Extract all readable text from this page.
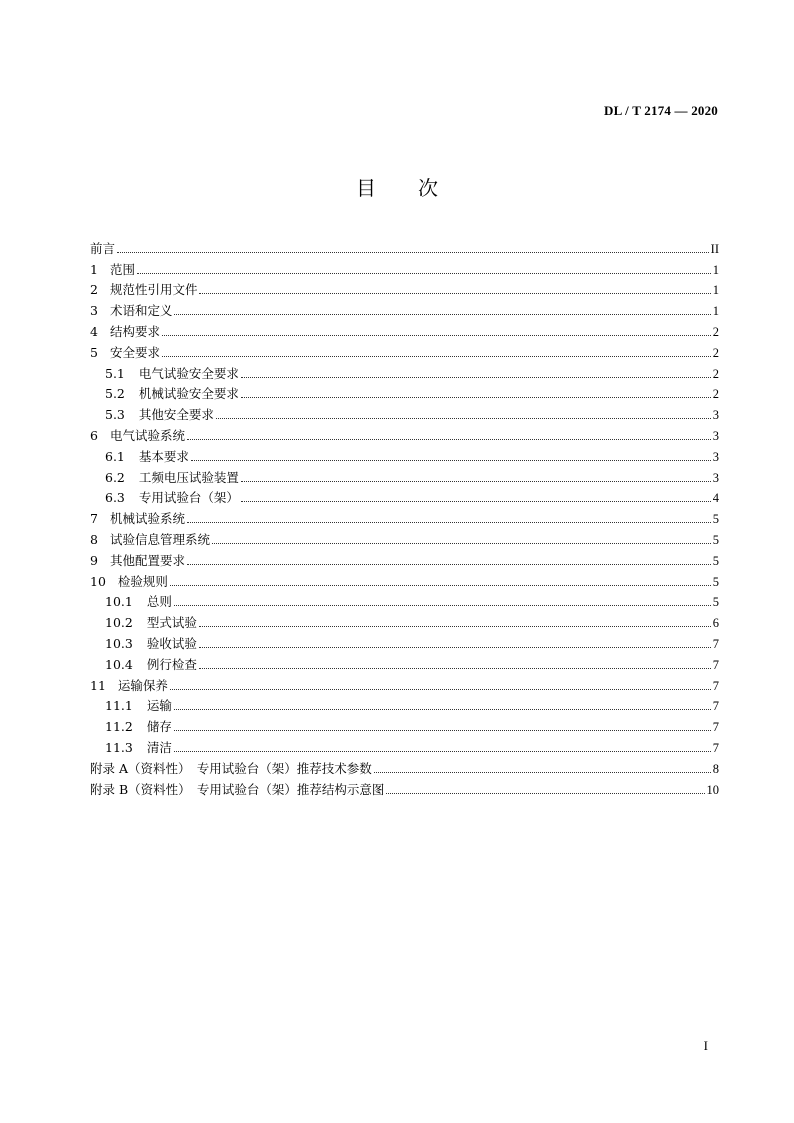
DL / T 2174 — 2020
目次
前言	II
1 范围	1
2 规范性引用文件	1
3 术语和定义	1
4 结构要求	2
5 安全要求	2
5.1 电气试验安全要求	2
5.2 机械试验安全要求	2
5.3 其他安全要求	3
6 电气试验系统	3
6.1 基本要求	3
6.2 工频电压试验装置	3
6.3 专用试验台（架）	4
7 机械试验系统	5
8 试验信息管理系统	5
9 其他配置要求	5
10 检验规则	5
10.1 总则	5
10.2 型式试验	6
10.3 验收试验	7
10.4 例行检查	7
11 运输保养	7
11.1 运输	7
11.2 储存	7
11.3 清洁	7
附录 A（资料性）　专用试验台（架）推荐技术参数	8
附录 B（资料性）　专用试验台（架）推荐结构示意图	10
I
